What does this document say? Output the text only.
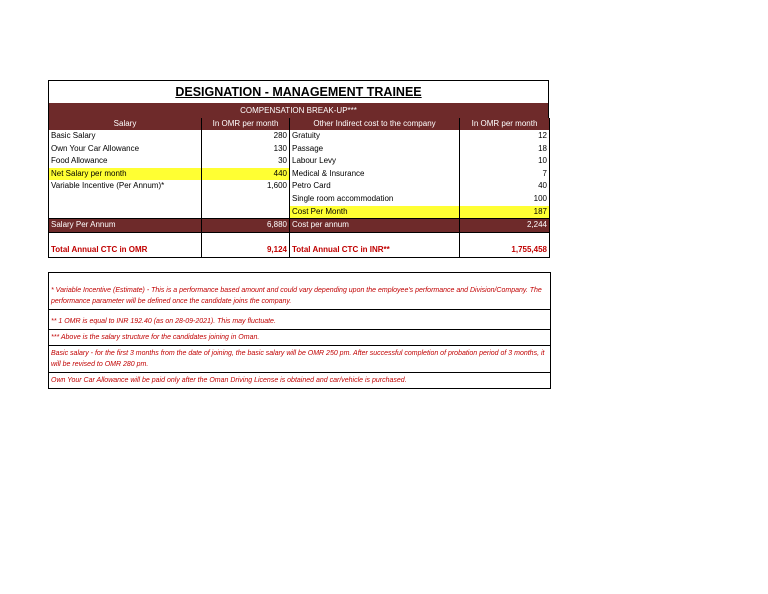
DESIGNATION - MANAGEMENT TRAINEE
COMPENSATION BREAK-UP***
Salary	In OMR per month	Other Indirect cost to the company	In OMR per month
Basic Salary	280	Gratuity	12
Own Your Car Allowance	130	Passage	18
Food Allowance	30	Labour Levy	10
Net Salary per month	440	Medical & Insurance	7
Variable Incentive (Per Annum)*	1,600	Petro Card	40
		Single room accommodation	100
		Cost Per Month	187
Salary Per Annum	6,880	Cost per annum	2,244

Total Annual CTC in OMR	9,124	Total Annual CTC in INR**	1,755,458
* Variable Incentive (Estimate) - This is a performance based amount and could vary depending upon the employee's performance and Division/Company. The performance parameter will be defined once the candidate joins the company.
** 1 OMR is equal to INR 192.40 (as on 28-09-2021). This may fluctuate.
*** Above is the salary structure for the candidates joining in Oman.
Basic salary - for the first 3 months from the date of joining, the basic salary will be OMR 250 pm. After successful completion of probation period of 3 months, it will be revised to OMR 280 pm.
Own Your Car Allowance will be paid only after the Oman Driving License is obtained and car/vehicle is purchased.
